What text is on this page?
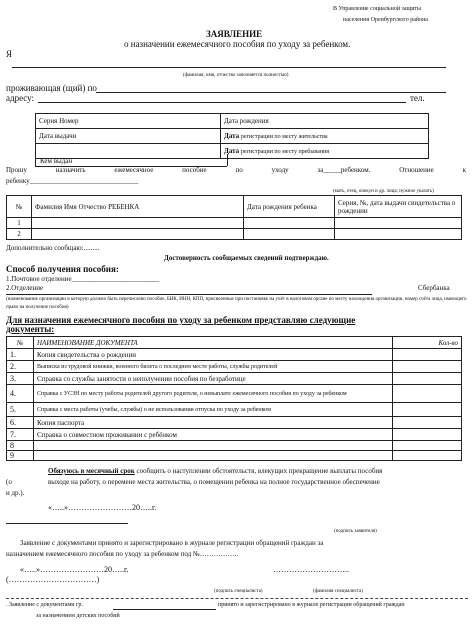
В Управление социальной защиты
населения Оренбургского района
ЗАЯВЛЕНИЕ
о назначении ежемесячного пособия по уходу за ребенком.
Я
(фамилия, имя, отчество заполняется полностью)
проживающая (щий) по
адресу:	тел.
Серия Номер	Дата рождения
Дата выдачи	Дата регистрации по месту жительства
	Дата регистрации по месту пребывания
Кем выдан
Прошу	назначить	ежемесячное	пособие	по	уходу	за_____ребенком.	Отношение	к
ребенку_______________________________
(мать, отец, опекун и др. лица; нужное указать)
№	Фамилия Имя Отчество РЕБЕНКА	Дата рождения ребенка	Серия, №, дата выдачи свидетельства о рождении
1			
2			
Дополнительно сообщаю:.........
Достоверность сообщаемых сведений подтверждаю.
Способ получения пособия:
1.Почтовое отделение_________________________
2.Отделение	Сбербанка
(наименование организации в которую должно быть перечислено пособие, БИК, ИНН, КПП, присвоенные при постановке на учёт в налоговом органе по месту нахождения организации, номер счёта лица, имеющего право на получение пособия)
Для назначения ежемесячного пособия по уходу за ребенком представляю следующие
документы:
№	НАИМЕНОВАНИЕ ДОКУМЕНТА	Кол-во
1.	Копия свидетельства о рождении	
2.	Выписка из трудовой книжки, военного билета о последнем месте работы, службы родителей	
3.	Справка со службы занятости о неполучении пособия по безработице	
4.	Справка с УСЗН по месту работы родителей другого родителя, о невыплате ежемесячного пособия по уходу за ребенком	
5.	Справка с места работы (учебы, службы) о не использовании отпуска по уходу за ребенком	
6.	Копия паспорта	
7.	Справка о совместном проживании с ребёнком	
8		
9		
Обязуюсь в месячный срок сообщить о наступлении обстоятельств, влекущих прекращение выплаты пособия
(о	выходе на работу, о перемене места жительства, о помещении ребенка на полное государственное обеспечение
и др.).
«…..»……………………20…..г.
(подпись заявителя)
Заявление с документами принято и зарегистрировано в журнале регистрации обращений граждан за
назначением ежемесячного пособия по уходу за ребенком под №……………..
«…..»……………………20…..г.	………………………..
(……………………………)
(подпись специалиста)	(фамилия специалиста)
. Заявление с документами гр.	принято и зарегистрировано в журнале регистрации обращений граждан
за назначением детских пособий
